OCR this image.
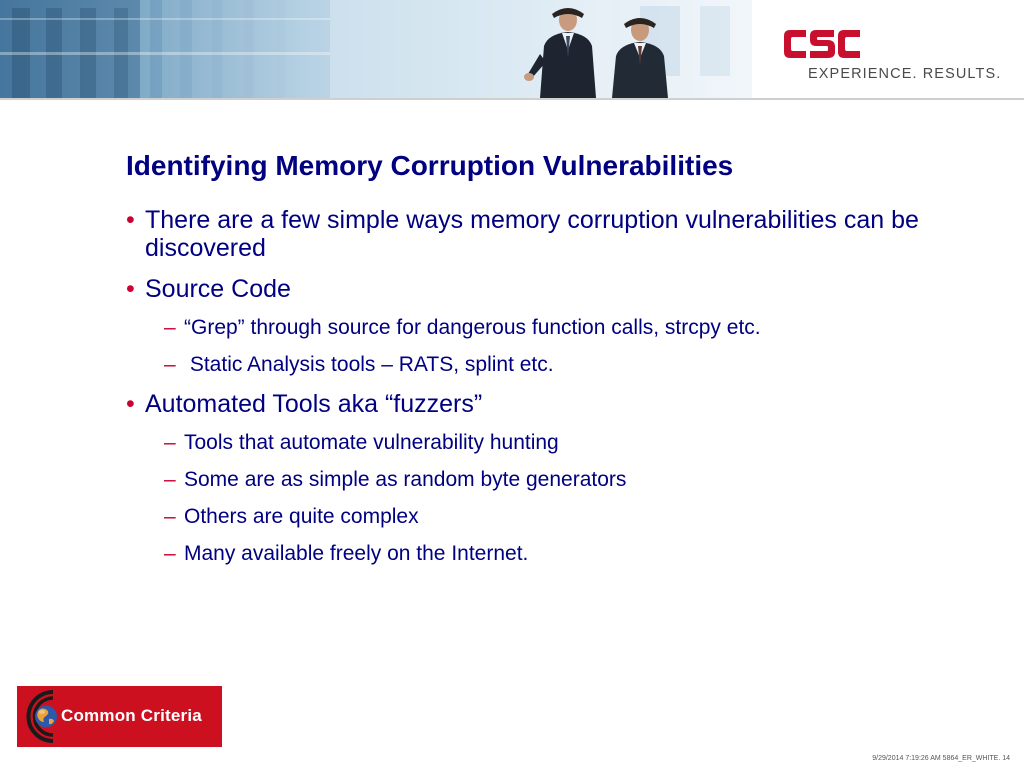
EXPERIENCE. RESULTS.
Identifying Memory Corruption Vulnerabilities
• There are a few simple ways memory corruption vulnerabilities can be discovered
• Source Code
– “Grep” through source for dangerous function calls, strcpy etc.
– Static Analysis tools – RATS, splint etc.
• Automated Tools aka “fuzzers”
– Tools that automate vulnerability hunting
– Some are as simple as random byte generators
– Others are quite complex
– Many available freely on the Internet.
Common Criteria
9/29/2014 7:19:26 AM 5864_ER_WHITE. 14
